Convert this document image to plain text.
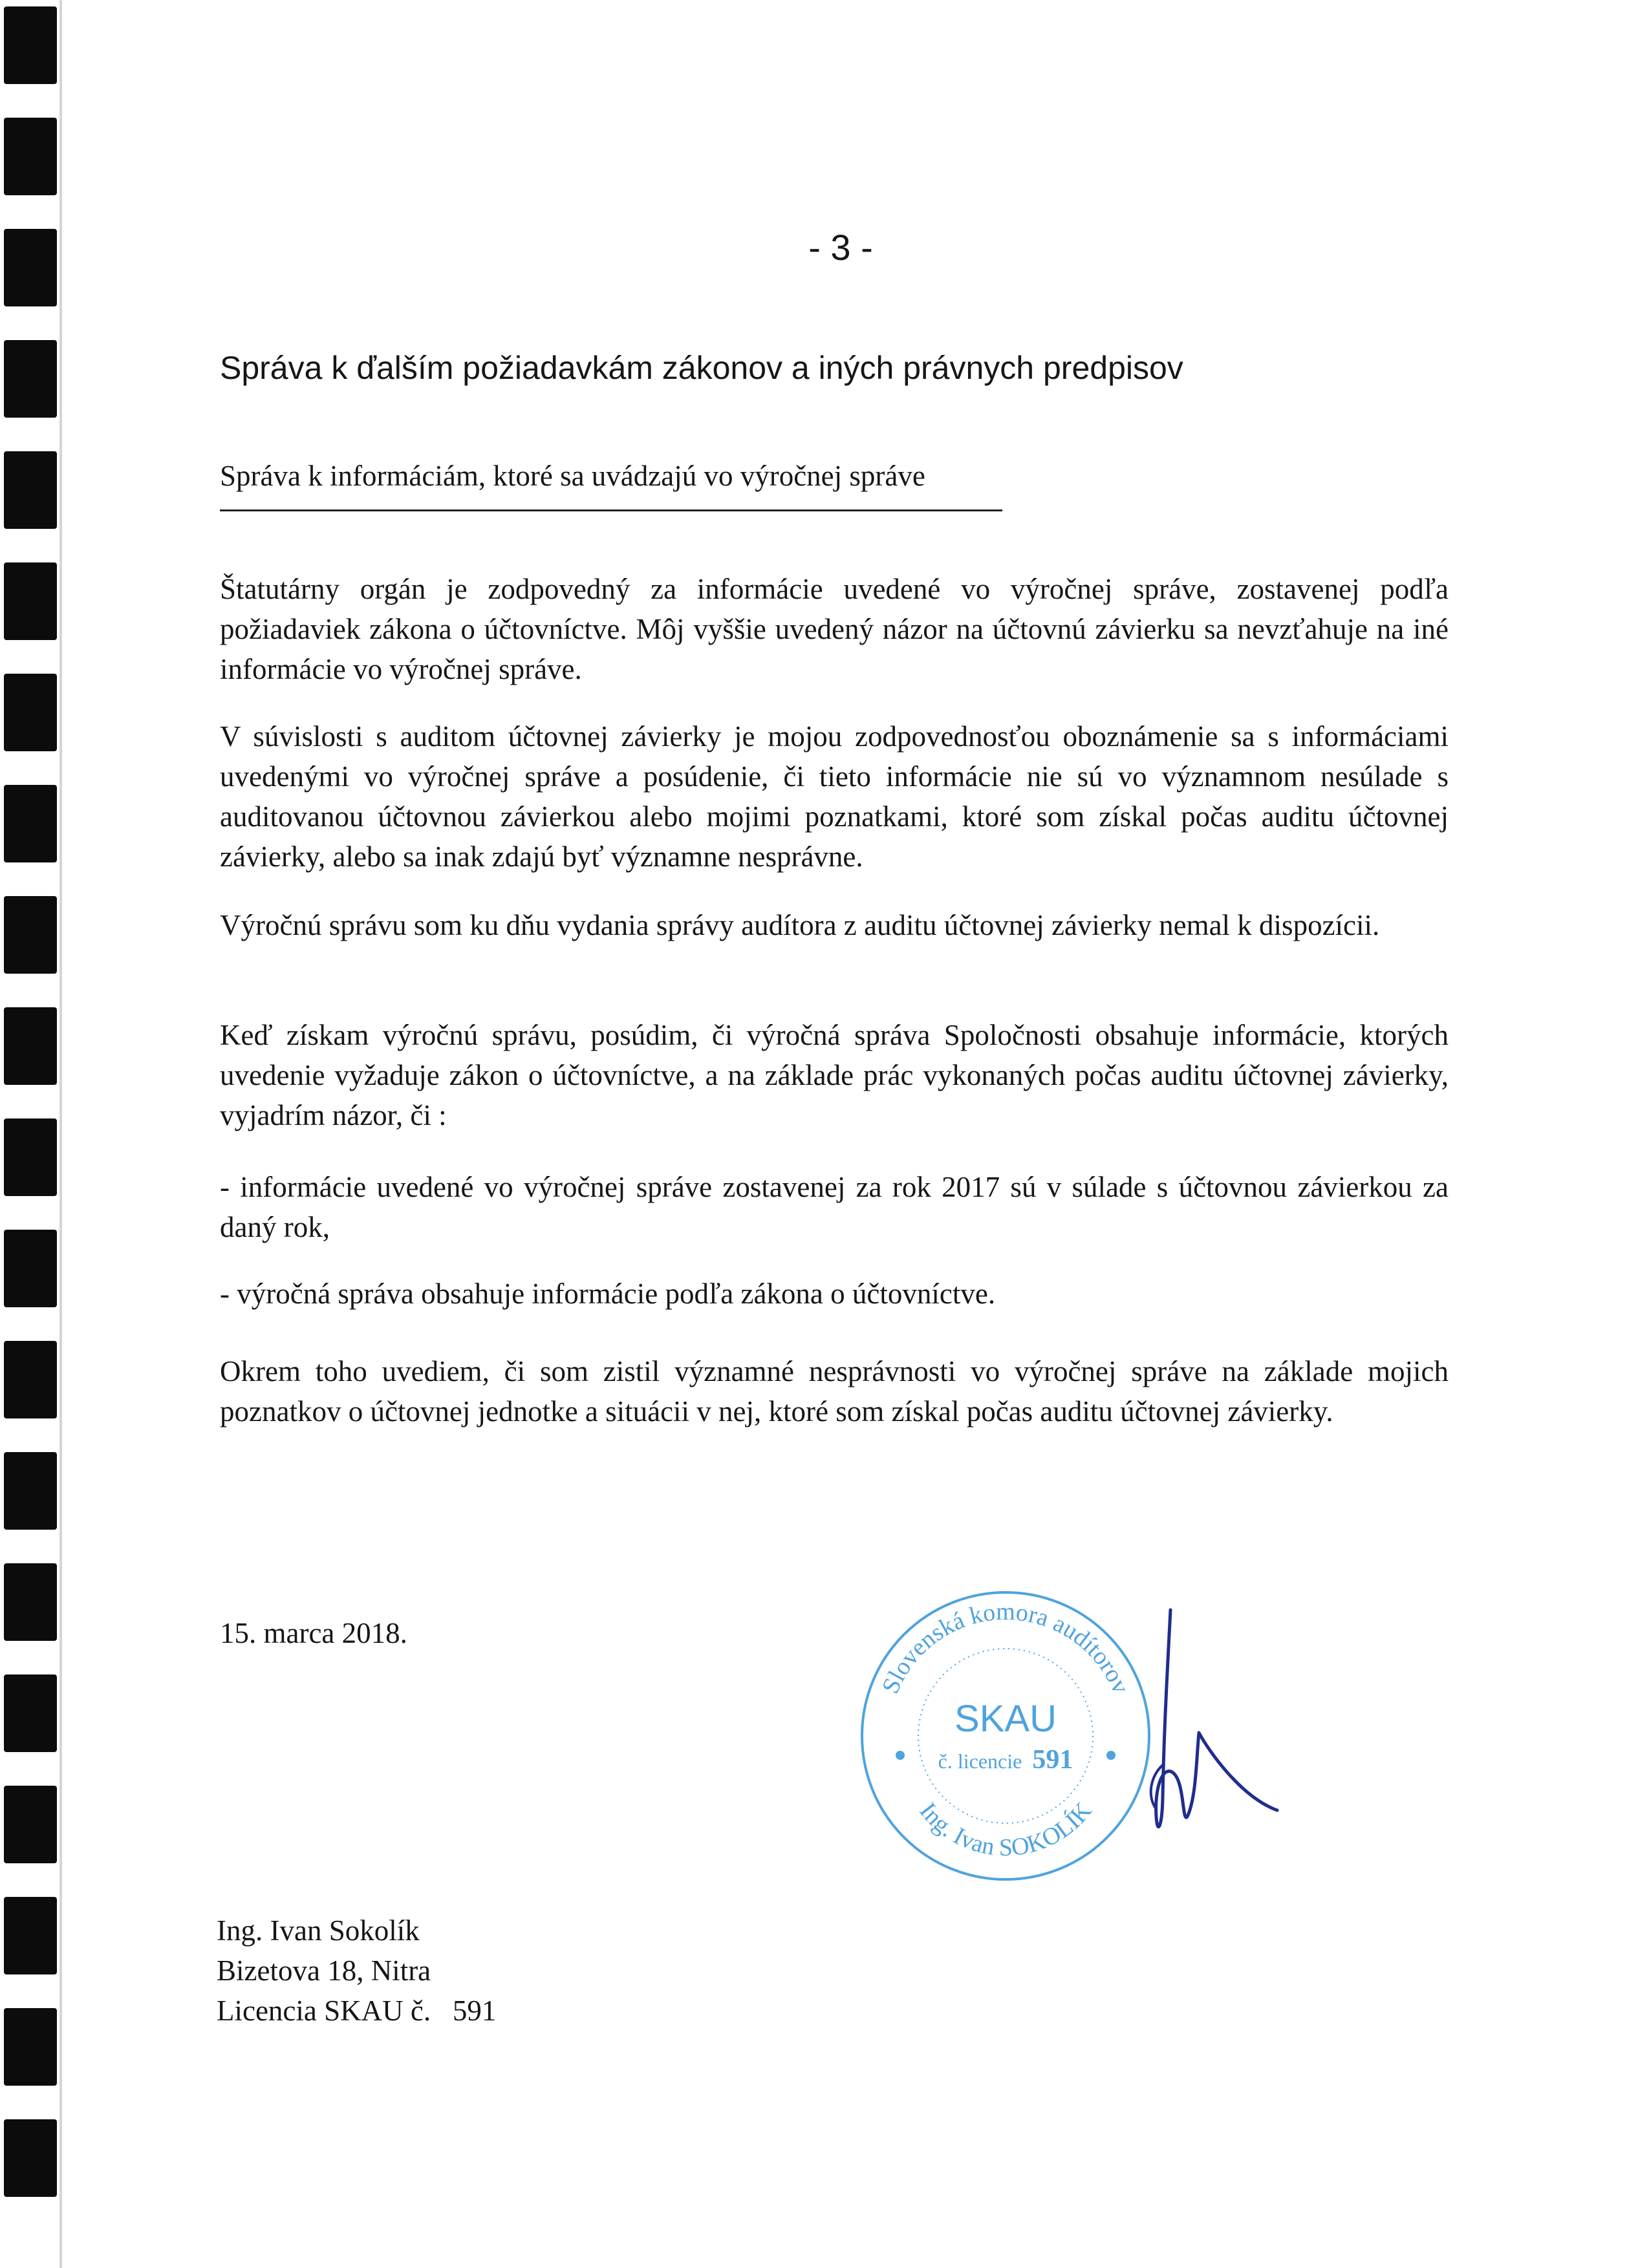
- 3 -
Správa k ďalším požiadavkám zákonov a iných právnych predpisov
Správa k informáciám, ktoré sa uvádzajú vo výročnej správe

Štatutárny orgán je zodpovedný za informácie uvedené vo výročnej správe, zostavenej podľa požiadaviek zákona o účtovníctve. Môj vyššie uvedený názor na účtovnú závierku sa nevzťahuje na iné informácie vo výročnej správe.

V súvislosti s auditom účtovnej závierky je mojou zodpovednosťou oboznámenie sa s informáciami uvedenými vo výročnej správe a posúdenie, či tieto informácie nie sú vo významnom nesúlade s auditovanou účtovnou závierkou alebo mojimi poznatkami, ktoré som získal počas auditu účtovnej závierky, alebo sa inak zdajú byť významne nesprávne.

Výročnú správu som ku dňu vydania správy audítora z auditu účtovnej závierky nemal k dispozícii.

Keď získam výročnú správu, posúdim, či výročná správa Spoločnosti obsahuje informácie, ktorých uvedenie vyžaduje zákon o účtovníctve, a na základe prác vykonaných počas auditu účtovnej závierky, vyjadrím názor, či :

- informácie uvedené vo výročnej správe zostavenej za rok 2017 sú v súlade s účtovnou závierkou za daný rok,

- výročná správa obsahuje informácie podľa zákona o účtovníctve.

Okrem toho uvediem, či som zistil významné nesprávnosti vo výročnej správe na základe mojich poznatkov o účtovnej jednotke a situácii v nej, ktoré som získal počas auditu účtovnej závierky.

15. marca 2018.
Slovenská komora audítorov
SKAU
č. licencie 591
Ing. Ivan SOKOLÍK
Ing. Ivan Sokolík
Bizetova 18, Nitra
Licencia SKAU č.   591
